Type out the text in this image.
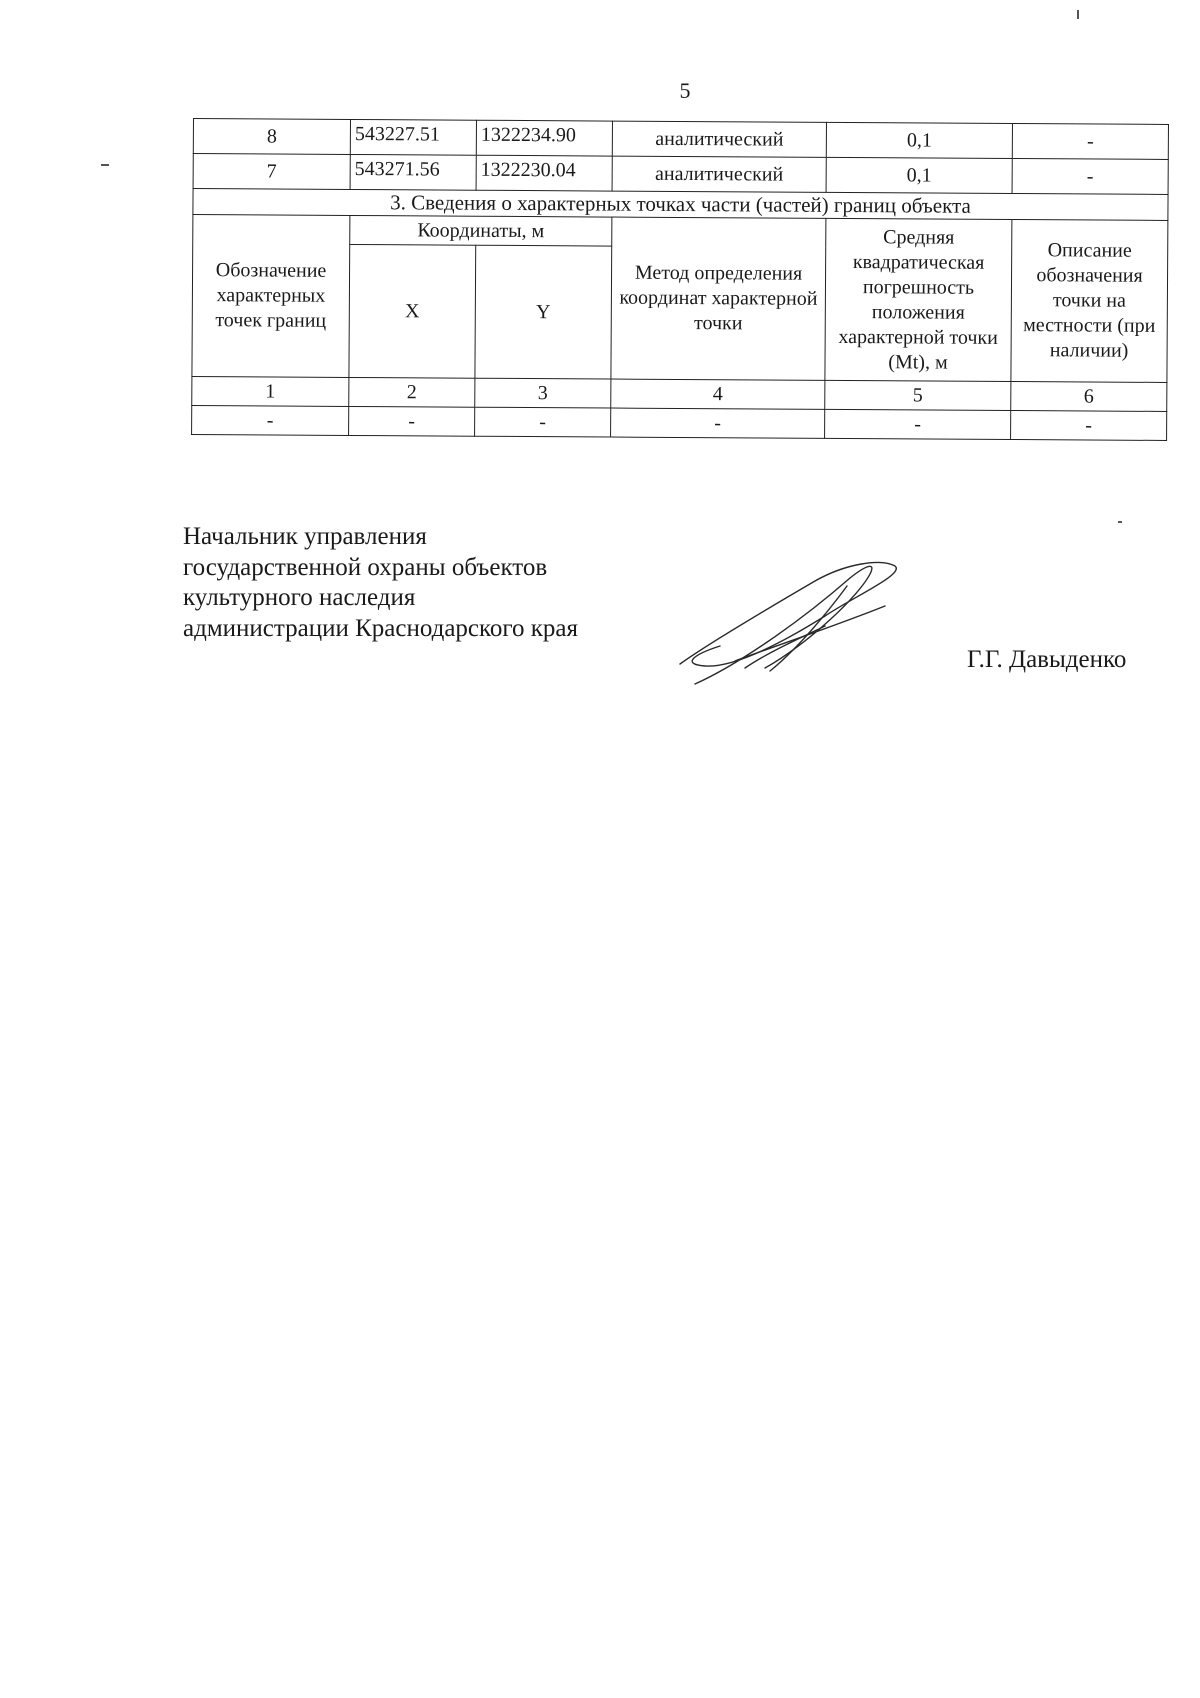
5
8	543227.51	1322234.90	аналитический	0,1	-
7	543271.56	1322230.04	аналитический	0,1	-
3. Сведения о характерных точках части (частей) границ объекта					
Обозначение характерных точек границ	Координаты, м		Метод определения координат характерной точки	Средняя квадратическая погрешность положения характерной точки (Mt), м	Описание обозначения точки на местности (при наличии)
	X	Y			
1	2	3	4	5	6
-	-	-	-	-	-
Начальник управления
государственной охраны объектов
культурного наследия
администрации Краснодарского края
Г.Г. Давыденко
